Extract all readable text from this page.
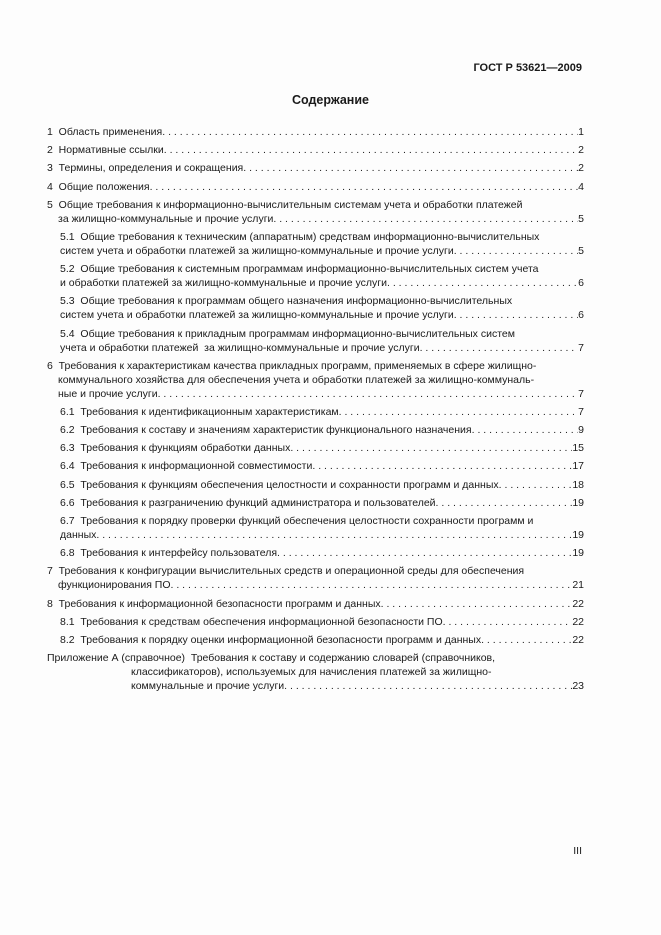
ГОСТ Р 53621—2009
Содержание
1  Область применения . . .	1
2  Нормативные ссылки . . .	2
3  Термины, определения и сокращения . . .	2
4  Общие положения . . .	4
5  Общие требования к информационно-вычислительным системам учета и обработки платежей
за жилищно-коммунальные и прочие услуги . . .	5
5.1  Общие требования к техническим (аппаратным) средствам информационно-вычислительных
систем учета и обработки платежей за жилищно-коммунальные и прочие услуги . . .	5
5.2  Общие требования к системным программам информационно-вычислительных систем учета
и обработки платежей за жилищно-коммунальные и прочие услуги . . .	6
5.3  Общие требования к программам общего назначения информационно-вычислительных
систем учета и обработки платежей за жилищно-коммунальные и прочие услуги . . .	6
5.4  Общие требования к прикладным программам информационно-вычислительных систем
учета и обработки платежей  за жилищно-коммунальные и прочие услуги . . .	7
6  Требования к характеристикам качества прикладных программ, применяемых в сфере жилищно-
коммунального хозяйства для обеспечения учета и обработки платежей за жилищно-коммуналь-
ные и прочие услуги . . .	7
6.1  Требования к идентификационным характеристикам . . .	7
6.2  Требования к составу и значениям характеристик функционального назначения . . .	9
6.3  Требования к функциям обработки данных . . .	15
6.4  Требования к информационной совместимости . . .	17
6.5  Требования к функциям обеспечения целостности и сохранности программ и данных . . .	18
6.6  Требования к разграничению функций администратора и пользователей . . .	19
6.7  Требования к порядку проверки функций обеспечения целостности сохранности программ и
данных . . .	19
6.8  Требования к интерфейсу пользователя . . .	19
7  Требования к конфигурации вычислительных средств и операционной среды для обеспечения
функционирования ПО . . .	21
8  Требования к информационной безопасности программ и данных . . .	22
8.1  Требования к средствам обеспечения информационной безопасности ПО . . .	22
8.2  Требования к порядку оценки информационной безопасности программ и данных . . .	22
Приложение А (справочное)  Требования к составу и содержанию словарей (справочников,
классификаторов), используемых для начисления платежей за жилищно-
коммунальные и прочие услуги . . .	23
III
